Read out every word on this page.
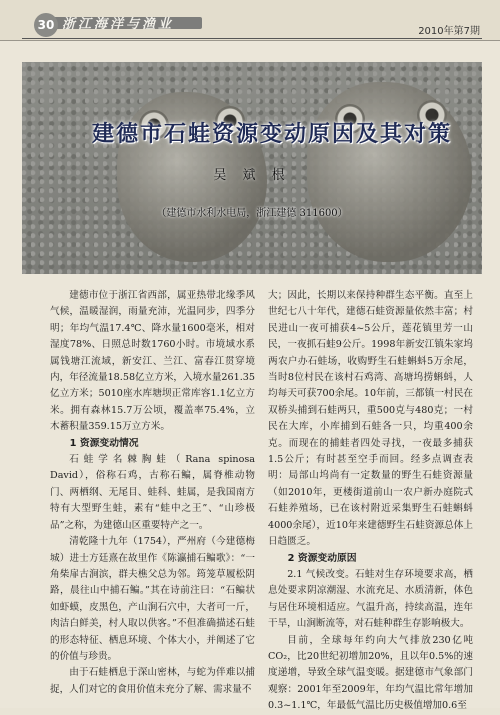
30 浙江海洋与渔业	2010年第7期
建德市石蛙资源变动原因及其对策
吴 斌 根
（建德市水利水电局，浙江建德 311600）

建德市位于浙江省西部，属亚热带北缘季风气候，温暖湿润，雨量充沛，光温同步，四季分明；年均气温17.4℃、降水量1600毫米，相对湿度78%、日照总时数1760小时。市境域水系属钱塘江流域，新安江、兰江、富春江贯穿境内，年径流量18.58亿立方米，入境水量261.35亿立方米；5010座水库塘坝正常库容1.1亿立方米。拥有森林15.7万公顷，覆盖率75.4%，立木蓄积量359.15万立方米。

1 资源变动情况

石蛙学名棘胸蛙（Rana spinosa David），俗称石鸡，古称石鳊，属脊椎动物门、两栖纲、无尾目、蛙科、蛙属，是我国南方特有大型野生蛙，素有“蛙中之王”、“山珍极品”之称，为建德山区重要特产之一。

清乾隆十九年（1754），严州府（今建德梅城）进士方廷熹在故里作《陈瀛捕石鳊歌》：“一角柴扉古涧滨，群夫樵父总为邻。筠笼草履松阴路，晨往山中捕石鳊。”其在诗前注曰：“石鳊状如虾蟆，皮黑色，产山涧石穴中，大者可一斤，肉洁白鲜美，村人取以供客。”不但准确描述石蛙的形态特征、栖息环境、个体大小，并阐述了它的价值与珍贵。

由于石蛙栖息于深山密林，与蛇为伴难以捕捉，人们对它的食用价值未充分了解、需求量不

大；因此，长期以来保持种群生态平衡。直至上世纪七八十年代，建德石蛙资源量依然丰富；村民进山一夜可捕获4~5公斤，莲花镇里芳一山民，一夜抓石蛙9公斤。1998年新安江镇朱家坞两农户办石蛙场，收购野生石蛙蝌蚪5万余尾，当时8位村民在该村石鸡湾、高塘坞捞蝌蚪，人均每天可获700余尾。10年前，三都镇一村民在双桥头捕到石蛙两只，重500克与480克；一村民在大库，小库捕到石蛙各一只，均重400余克。而现在的捕蛙者四处寻找，一夜最多捕获1.5公斤；有时甚至空手而回。经多点调查表明：局部山坞尚有一定数量的野生石蛙资源量（如2010年，更楼街道前山一农户新办庭院式石蛙养殖场，已在该村附近采集野生石蛙蝌蚪4000余尾），近10年来建德野生石蛙资源总体上日趋匮乏。

2 资源变动原因

2.1 气候改变。石蛙对生存环境要求高，栖息处要求阴凉潮湿、水流充足、水质清新，体色与居住环境相适应。气温升高，持续高温，连年干旱，山涧断流等，对石蛙种群生存影响极大。

目前，全球每年约向大气排放230亿吨CO₂，比20世纪初增加20%，且以年0.5%的速度递增，导致全球气温变暖。据建德市气象部门观察：2001年至2009年，年均气温比常年增加0.3~1.1℃，年最低气温比历史极值增加0.6至
